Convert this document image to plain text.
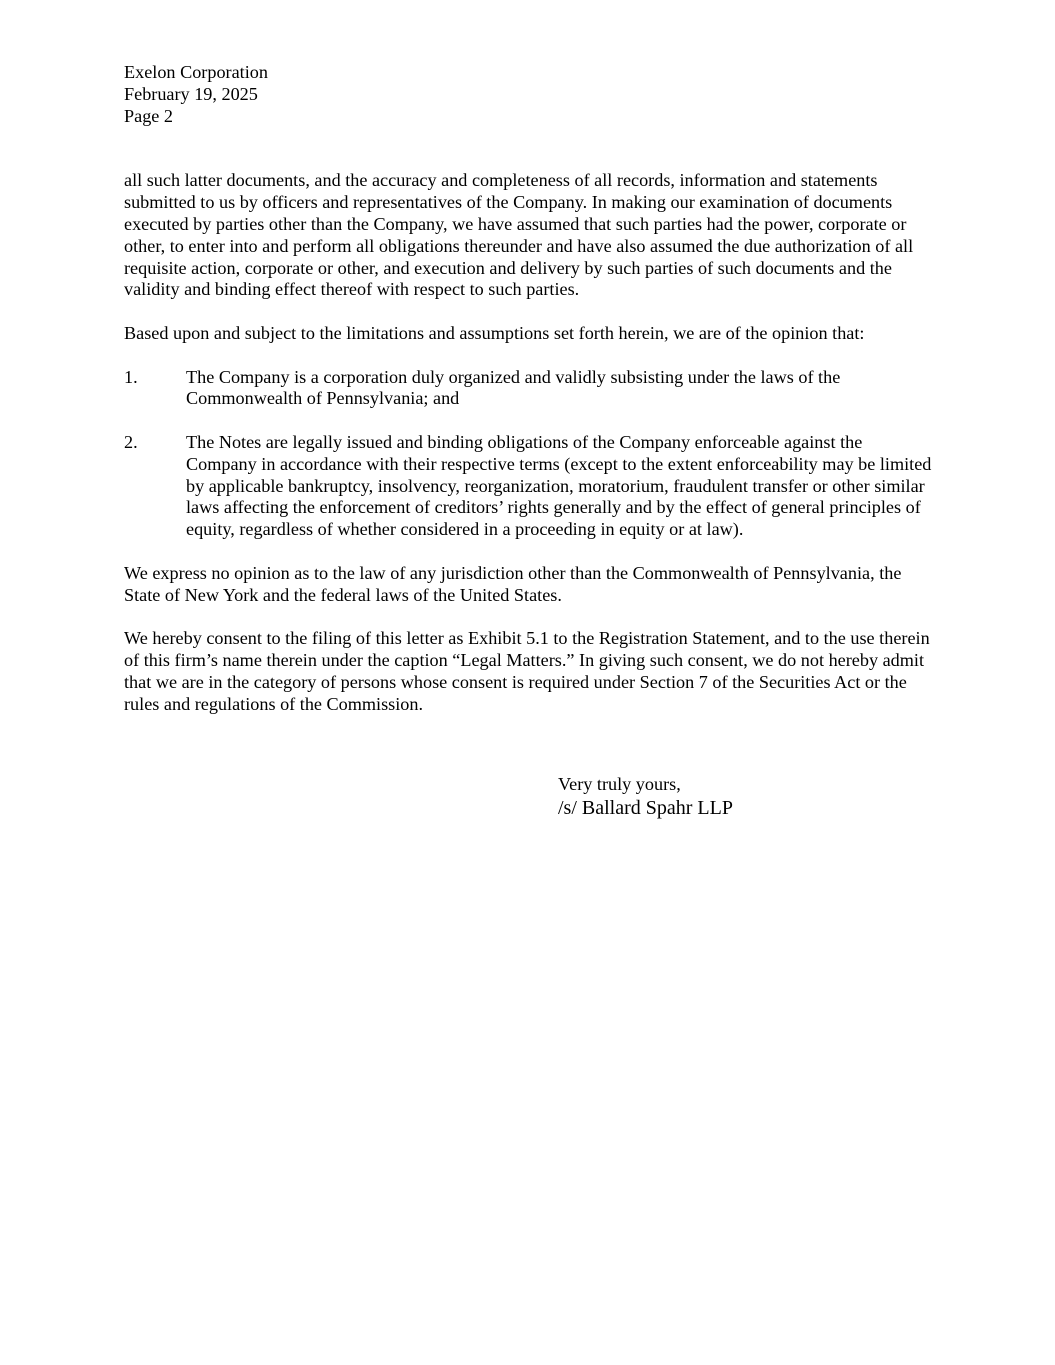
Exelon Corporation
February 19, 2025
Page 2

all such latter documents, and the accuracy and completeness of all records, information and statements submitted to us by officers and representatives of the Company. In making our examination of documents executed by parties other than the Company, we have assumed that such parties had the power, corporate or other, to enter into and perform all obligations thereunder and have also assumed the due authorization of all requisite action, corporate or other, and execution and delivery by such parties of such documents and the validity and binding effect thereof with respect to such parties.

Based upon and subject to the limitations and assumptions set forth herein, we are of the opinion that:

1.	The Company is a corporation duly organized and validly subsisting under the laws of the Commonwealth of Pennsylvania; and
2.	The Notes are legally issued and binding obligations of the Company enforceable against the Company in accordance with their respective terms (except to the extent enforceability may be limited by applicable bankruptcy, insolvency, reorganization, moratorium, fraudulent transfer or other similar laws affecting the enforcement of creditors’ rights generally and by the effect of general principles of equity, regardless of whether considered in a proceeding in equity or at law).

We express no opinion as to the law of any jurisdiction other than the Commonwealth of Pennsylvania, the State of New York and the federal laws of the United States.

We hereby consent to the filing of this letter as Exhibit 5.1 to the Registration Statement, and to the use therein of this firm’s name therein under the caption “Legal Matters.” In giving such consent, we do not hereby admit that we are in the category of persons whose consent is required under Section 7 of the Securities Act or the rules and regulations of the Commission.

Very truly yours,
/s/ Ballard Spahr LLP
